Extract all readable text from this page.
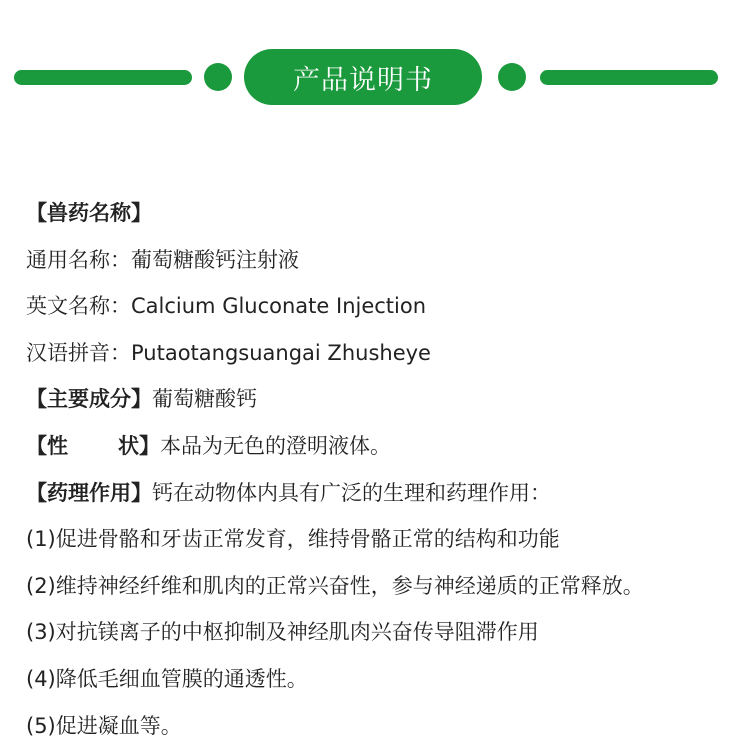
产品说明书
【兽药名称】
通用名称：葡萄糖酸钙注射液
英文名称：Calcium Gluconate Injection
汉语拼音：Putaotangsuangai Zhusheye
【主要成分】葡萄糖酸钙
【性 状】本品为无色的澄明液体。
【药理作用】钙在动物体内具有广泛的生理和药理作用：
(1)促进骨骼和牙齿正常发育，维持骨骼正常的结构和功能
(2)维持神经纤维和肌肉的正常兴奋性，参与神经递质的正常释放。
(3)对抗镁离子的中枢抑制及神经肌肉兴奋传导阻滞作用
(4)降低毛细血管膜的通透性。
(5)促进凝血等。
